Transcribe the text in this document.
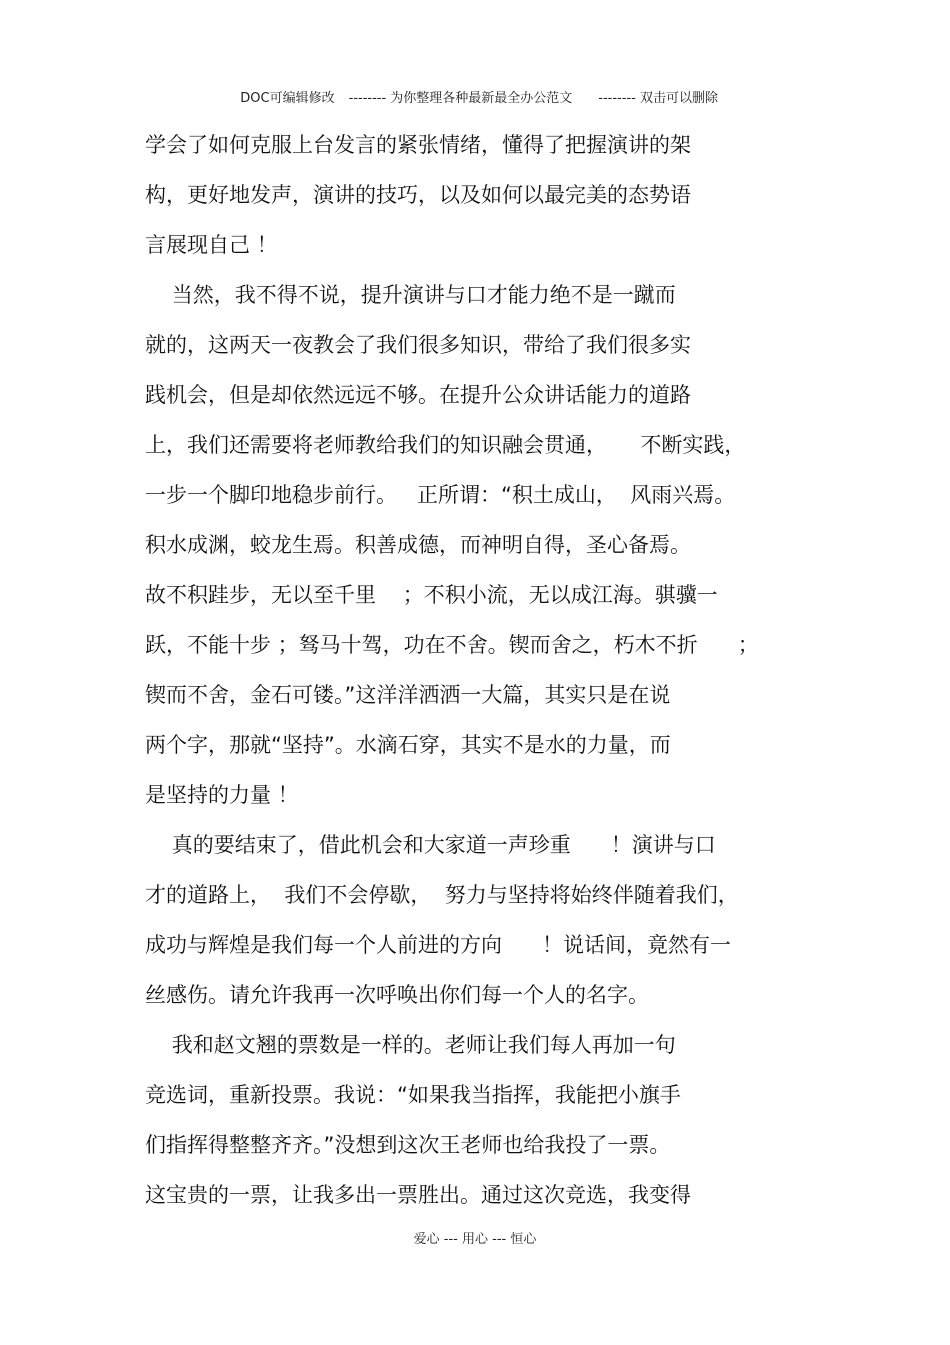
DOC可编辑修改 -------- 为你整理各种最新最全办公范文 -------- 双击可以删除

学会了如何克服上台发言的紧张情绪，懂得了把握演讲的架
构，更好地发声，演讲的技巧，以及如何以最完美的态势语
言展现自己 ！
当然，我不得不说，提升演讲与口才能力绝不是一蹴而
就的，这两天一夜教会了我们很多知识，带给了我们很多实
践机会，但是却依然远远不够。在提升公众讲话能力的道路
上，我们还需要将老师教给我们的知识融会贯通，     不断实践，
一步一个脚印地稳步前行。   正所谓：“积土成山，  风雨兴焉。
积水成渊，蛟龙生焉。积善成德，而神明自得，圣心备焉。
故不积跬步，无以至千里    ；不积小流，无以成江海。骐骥一
跃，不能十步 ；驽马十驾，功在不舍。锲而舍之，朽木不折      ；
锲而不舍，金石可镂。”这洋洋洒洒一大篇，其实只是在说
两个字，那就“坚持”。水滴石穿，其实不是水的力量，而
是坚持的力量 ！
真的要结束了，借此机会和大家道一声珍重      ！演讲与口
才的道路上，  我们不会停歇，  努力与坚持将始终伴随着我们，
成功与辉煌是我们每一个人前进的方向      ！说话间，竟然有一
丝感伤。请允许我再一次呼唤出你们每一个人的名字。
我和赵文翘的票数是一样的。老师让我们每人再加一句
竞选词，重新投票。我说：“如果我当指挥，我能把小旗手
们指挥得整整齐齐。”没想到这次王老师也给我投了一票。
这宝贵的一票，让我多出一票胜出。通过这次竞选，我变得
爱心 --- 用心 --- 恒心
